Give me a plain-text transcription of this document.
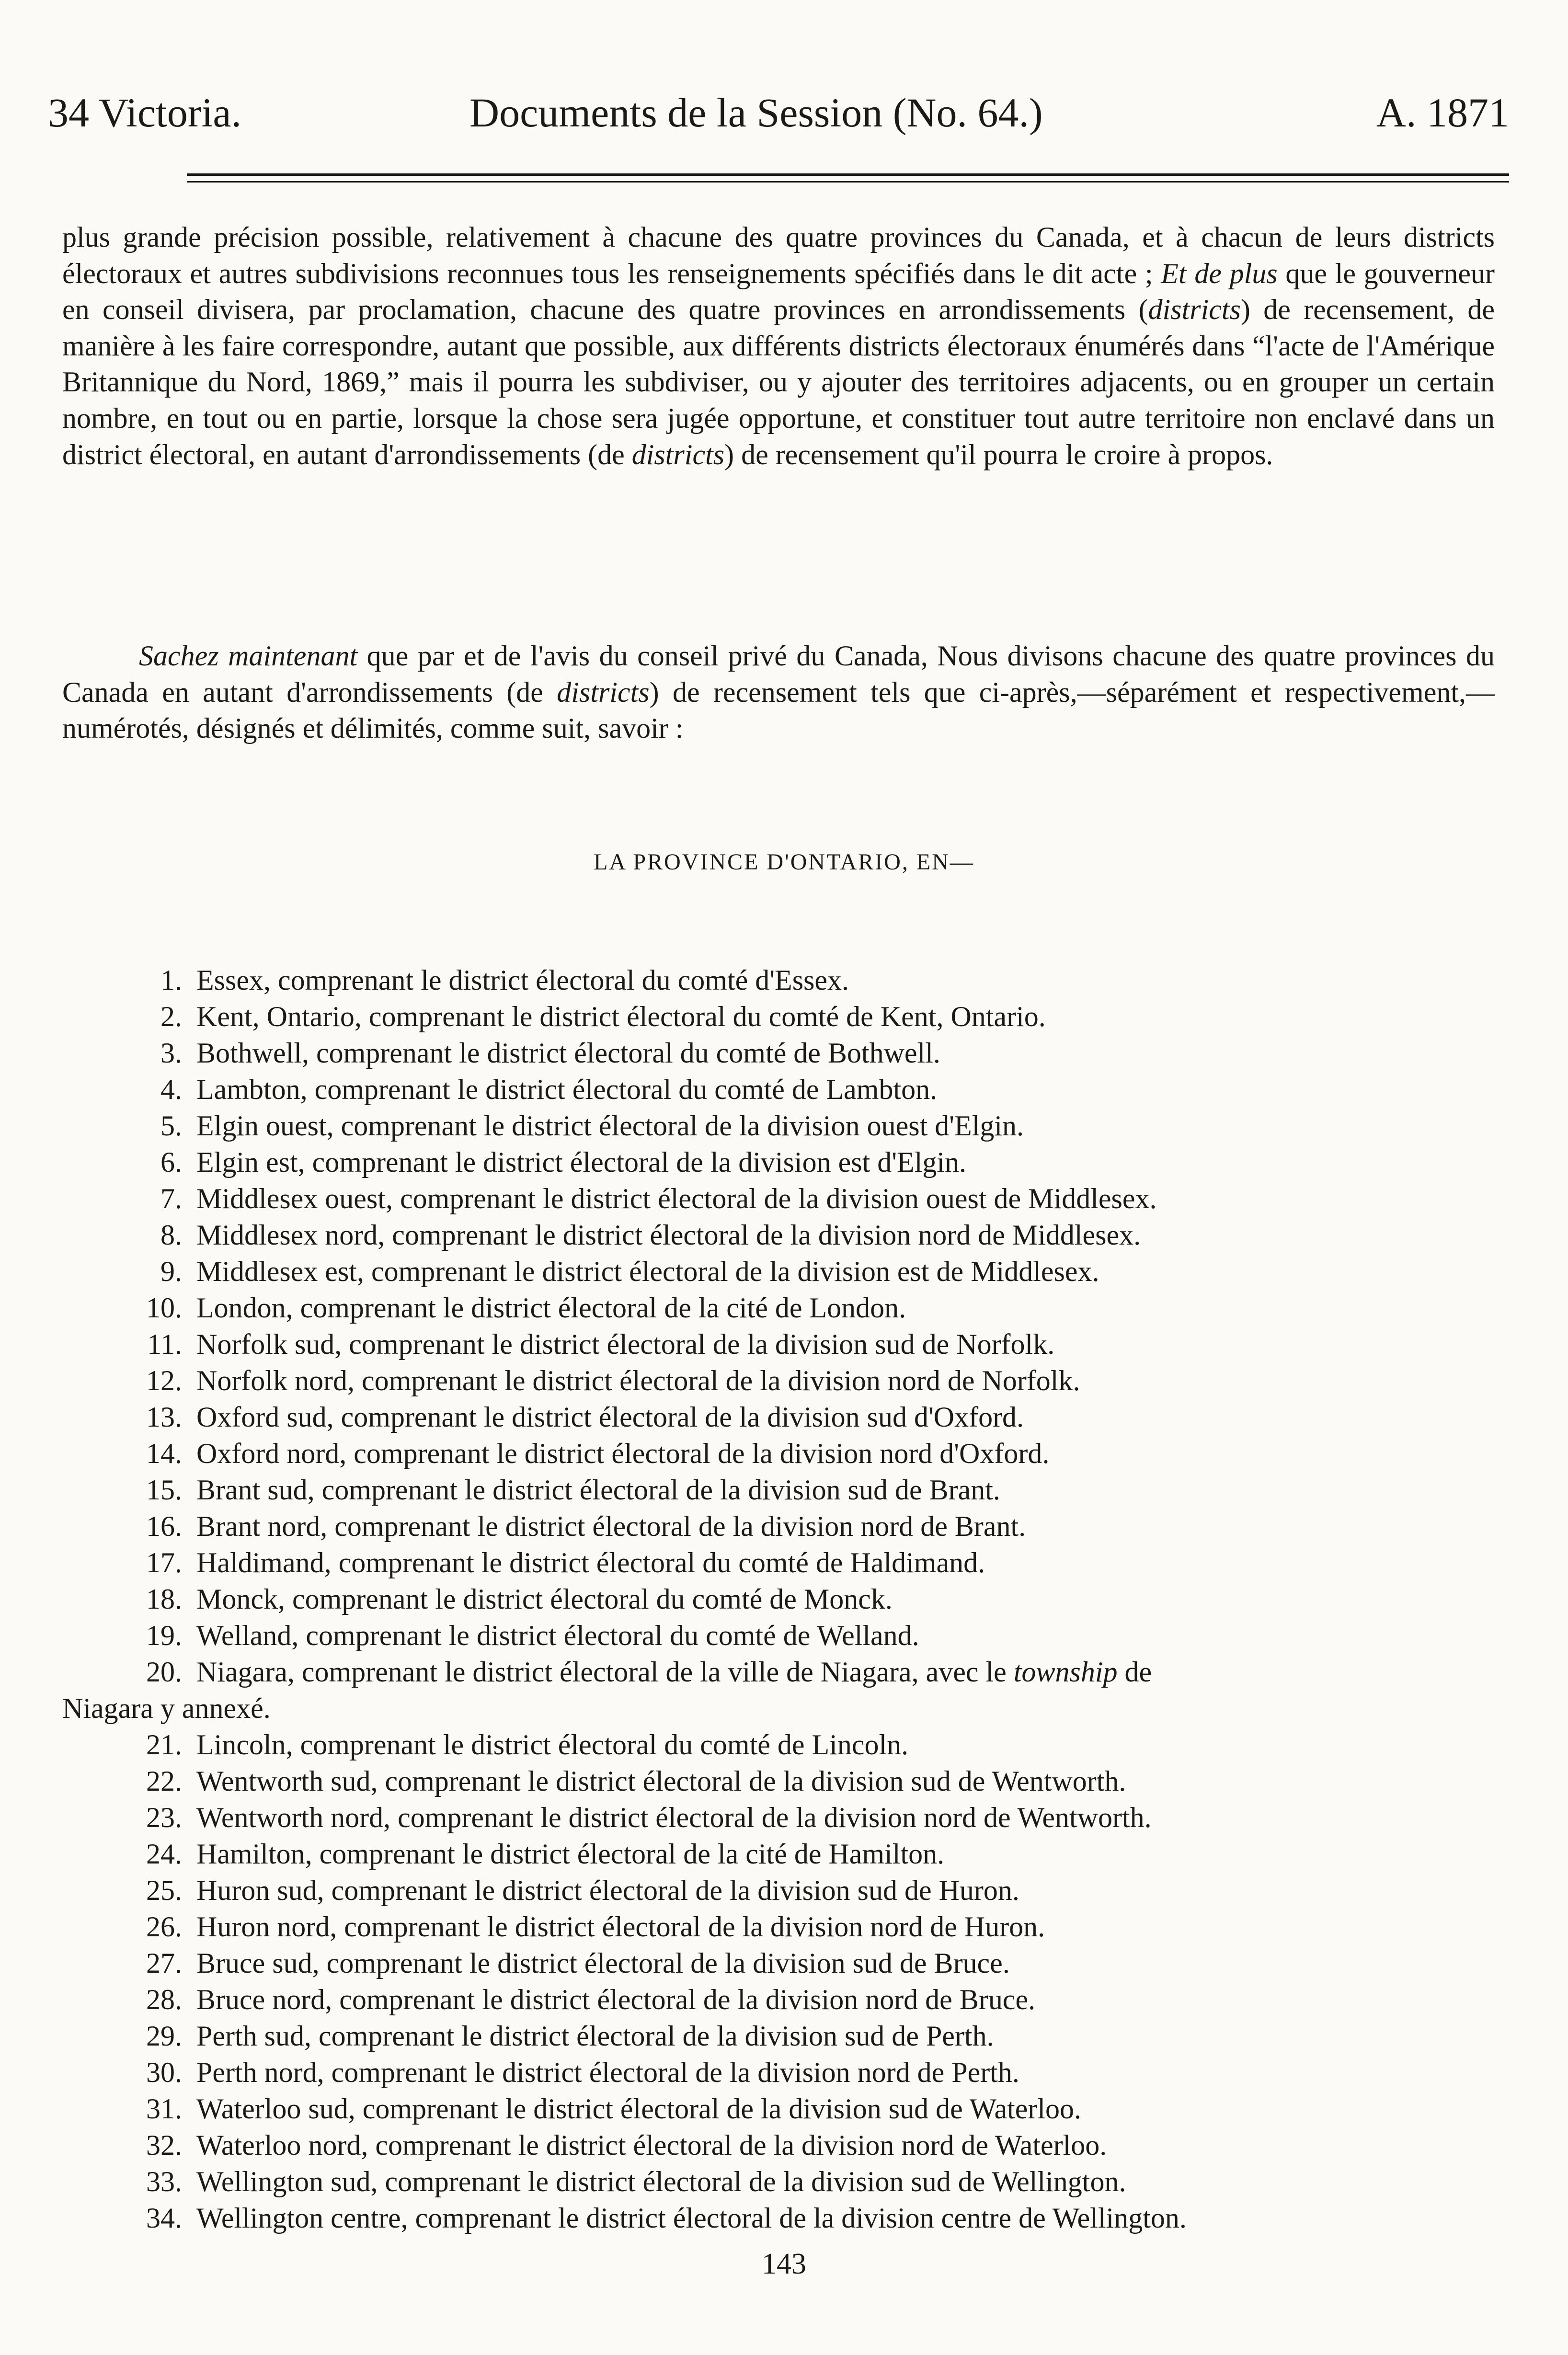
34 Victoria.	Documents de la Session (No. 64.)	A. 1871
plus grande précision possible, relativement à chacune des quatre provinces du Canada, et à chacun de leurs districts électoraux et autres subdivisions reconnues tous les renseignements spécifiés dans le dit acte ; Et de plus que le gouverneur en conseil divisera, par proclamation, chacune des quatre provinces en arrondissements (districts) de recensement, de manière à les faire correspondre, autant que possible, aux différents districts électoraux énumérés dans “l'acte de l'Amérique Britannique du Nord, 1869,” mais il pourra les subdiviser, ou y ajouter des territoires adjacents, ou en grouper un certain nombre, en tout ou en partie, lorsque la chose sera jugée opportune, et constituer tout autre territoire non enclavé dans un district électoral, en autant d'arrondissements (de districts) de recensement qu'il pourra le croire à propos.
Sachez maintenant que par et de l'avis du conseil privé du Canada, Nous divisons chacune des quatre provinces du Canada en autant d'arrondissements (de districts) de recensement tels que ci-après,—séparément et respectivement,—numérotés, désignés et délimités, comme suit, savoir :
LA PROVINCE D'ONTARIO, EN—
1. Essex, comprenant le district électoral du comté d'Essex.
2. Kent, Ontario, comprenant le district électoral du comté de Kent, Ontario.
3. Bothwell, comprenant le district électoral du comté de Bothwell.
4. Lambton, comprenant le district électoral du comté de Lambton.
5. Elgin ouest, comprenant le district électoral de la division ouest d'Elgin.
6. Elgin est, comprenant le district électoral de la division est d'Elgin.
7. Middlesex ouest, comprenant le district électoral de la division ouest de Middlesex.
8. Middlesex nord, comprenant le district électoral de la division nord de Middlesex.
9. Middlesex est, comprenant le district électoral de la division est de Middlesex.
10. London, comprenant le district électoral de la cité de London.
11. Norfolk sud, comprenant le district électoral de la division sud de Norfolk.
12. Norfolk nord, comprenant le district électoral de la division nord de Norfolk.
13. Oxford sud, comprenant le district électoral de la division sud d'Oxford.
14. Oxford nord, comprenant le district électoral de la division nord d'Oxford.
15. Brant sud, comprenant le district électoral de la division sud de Brant.
16. Brant nord, comprenant le district électoral de la division nord de Brant.
17. Haldimand, comprenant le district électoral du comté de Haldimand.
18. Monck, comprenant le district électoral du comté de Monck.
19. Welland, comprenant le district électoral du comté de Welland.
20.
Niagara y annexé.
Niagara, comprenant le district électoral de la ville de Niagara, avec le township de
21. Lincoln, comprenant le district électoral du comté de Lincoln.
22. Wentworth sud, comprenant le district électoral de la division sud de Wentworth.
23. Wentworth nord, comprenant le district électoral de la division nord de Wentworth.
24. Hamilton, comprenant le district électoral de la cité de Hamilton.
25. Huron sud, comprenant le district électoral de la division sud de Huron.
26. Huron nord, comprenant le district électoral de la division nord de Huron.
27. Bruce sud, comprenant le district électoral de la division sud de Bruce.
28. Bruce nord, comprenant le district électoral de la division nord de Bruce.
29. Perth sud, comprenant le district électoral de la division sud de Perth.
30. Perth nord, comprenant le district électoral de la division nord de Perth.
31. Waterloo sud, comprenant le district électoral de la division sud de Waterloo.
32. Waterloo nord, comprenant le district électoral de la division nord de Waterloo.
33. Wellington sud, comprenant le district électoral de la division sud de Wellington.
34. Wellington centre, comprenant le district électoral de la division centre de Wellington.
143
